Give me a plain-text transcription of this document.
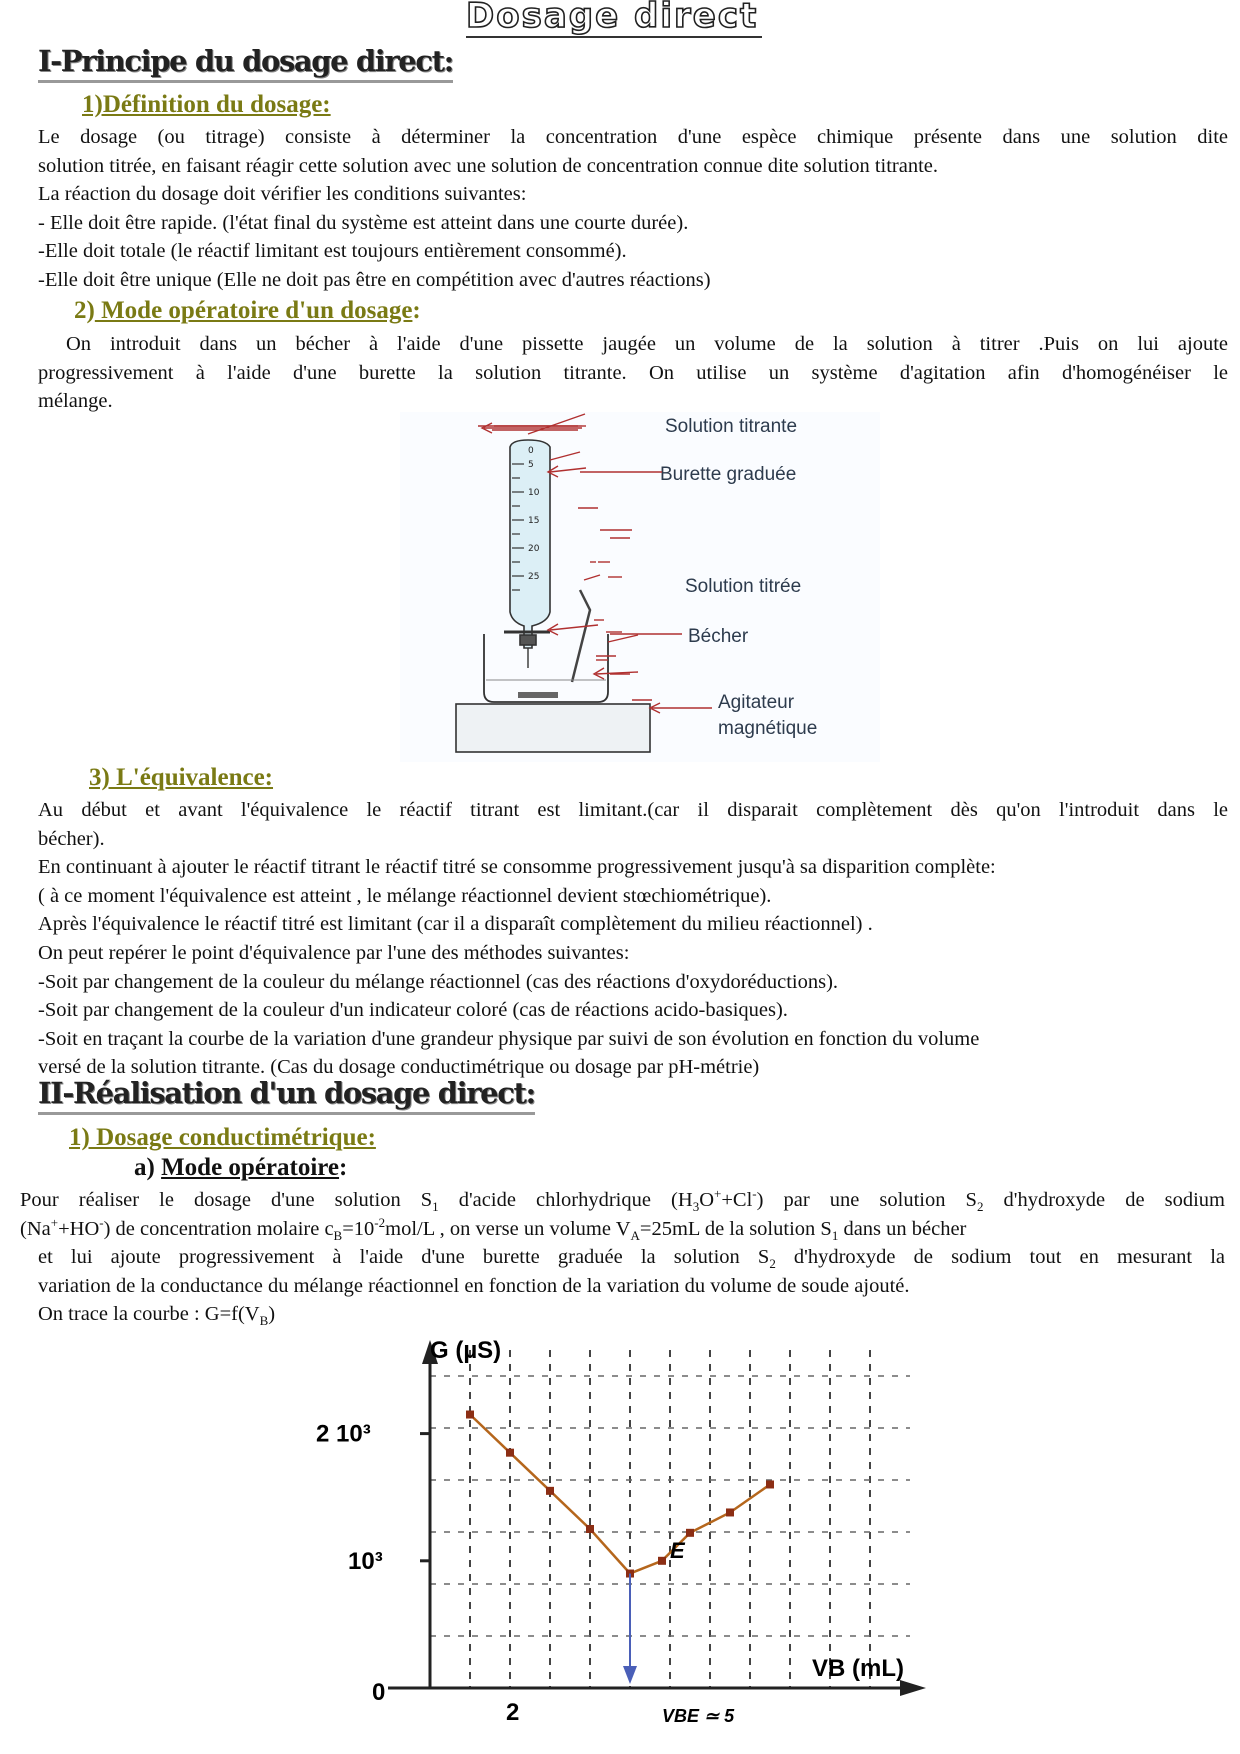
Dosage direct
I-Principe du dosage direct:
1)Définition du dosage:
Le dosage (ou titrage) consiste à déterminer la concentration d'une espèce chimique présente dans une solution dite
solution titrée, en faisant réagir cette solution avec une solution de concentration connue dite solution titrante.
La réaction du dosage doit vérifier les conditions suivantes:
- Elle doit être rapide. (l'état final du système est atteint dans une courte durée).
-Elle doit totale (le réactif limitant est toujours entièrement consommé).
-Elle doit être unique (Elle ne doit pas être en compétition avec d'autres réactions)
2) Mode opératoire d'un dosage:
On introduit dans un bécher à l'aide d'une pissette jaugée un volume de la solution à titrer .Puis on lui ajoute
progressivement à l'aide d'une burette la solution titrante. On utilise un système d'agitation afin d'homogénéiser le
mélange.
0
5
10
15
20
25
Solution titrante
Burette graduée
Solution titrée
Bécher
Agitateur
magnétique
3) L'équivalence:
Au début et avant l'équivalence le réactif titrant est limitant.(car il disparait complètement dès qu'on l'introduit dans le
bécher).
En continuant à ajouter le réactif titrant le réactif titré se consomme progressivement jusqu'à sa disparition complète:
( à ce moment l'équivalence est atteint , le mélange réactionnel devient stœchiométrique).
Après l'équivalence le réactif titré est limitant (car il a disparaît complètement du milieu réactionnel) .
On peut repérer le point d'équivalence par l'une des méthodes suivantes:
-Soit par changement de la couleur du mélange réactionnel (cas des réactions d'oxydoréductions).
-Soit par changement de la couleur d'un indicateur coloré (cas de réactions acido-basiques).
-Soit en traçant la courbe de la variation d'une grandeur physique par suivi de son évolution en fonction du volume
versé de la solution titrante. (Cas du dosage conductimétrique ou dosage par pH-métrie)
II-Réalisation d'un dosage direct:
1) Dosage conductimétrique:
a) Mode opératoire:
Pour réaliser le dosage d'une solution $S_1$ d'acide chlorhydrique $(H_3O^++Cl^-)$ par une solution $S_2$ d'hydroxyde de sodium
(Na++HO-) de concentration molaire $c_B=10^{-2}mol/L$ , on verse un volume $V_A=25mL$ de la solution $S_1$ dans un bécher
et lui ajoute progressivement à l'aide d'une burette graduée la solution $S_2$ d'hydroxyde de sodium tout en mesurant la
variation de la conductance du mélange réactionnel en fonction de la variation du volume de soude ajouté.
On trace la courbe : $G=f(V_B)$
G (µS)
VB (mL)
0
10³
2 10³
2	VBE ≃ 5
E
